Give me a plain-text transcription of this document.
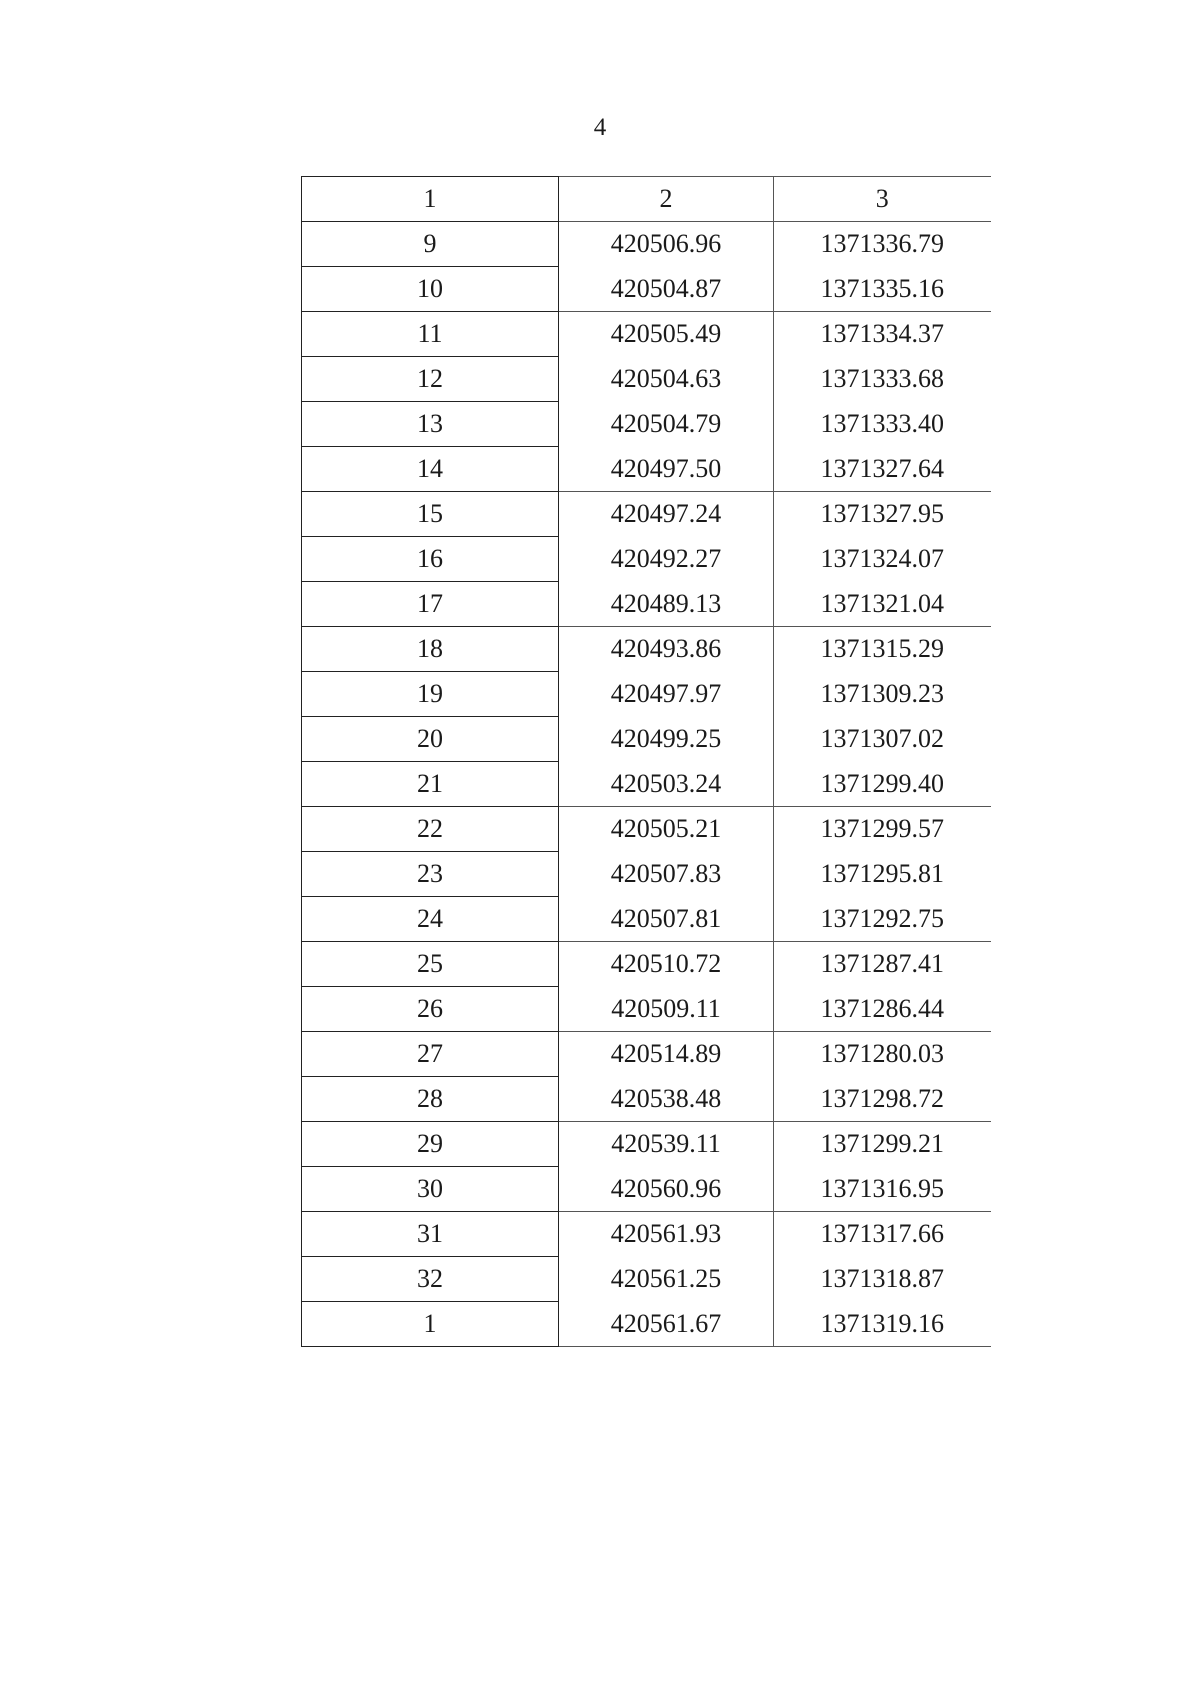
4
1	2	3
9	420506.96	1371336.79
10	420504.87	1371335.16
11	420505.49	1371334.37
12	420504.63	1371333.68
13	420504.79	1371333.40
14	420497.50	1371327.64
15	420497.24	1371327.95
16	420492.27	1371324.07
17	420489.13	1371321.04
18	420493.86	1371315.29
19	420497.97	1371309.23
20	420499.25	1371307.02
21	420503.24	1371299.40
22	420505.21	1371299.57
23	420507.83	1371295.81
24	420507.81	1371292.75
25	420510.72	1371287.41
26	420509.11	1371286.44
27	420514.89	1371280.03
28	420538.48	1371298.72
29	420539.11	1371299.21
30	420560.96	1371316.95
31	420561.93	1371317.66
32	420561.25	1371318.87
1	420561.67	1371319.16
